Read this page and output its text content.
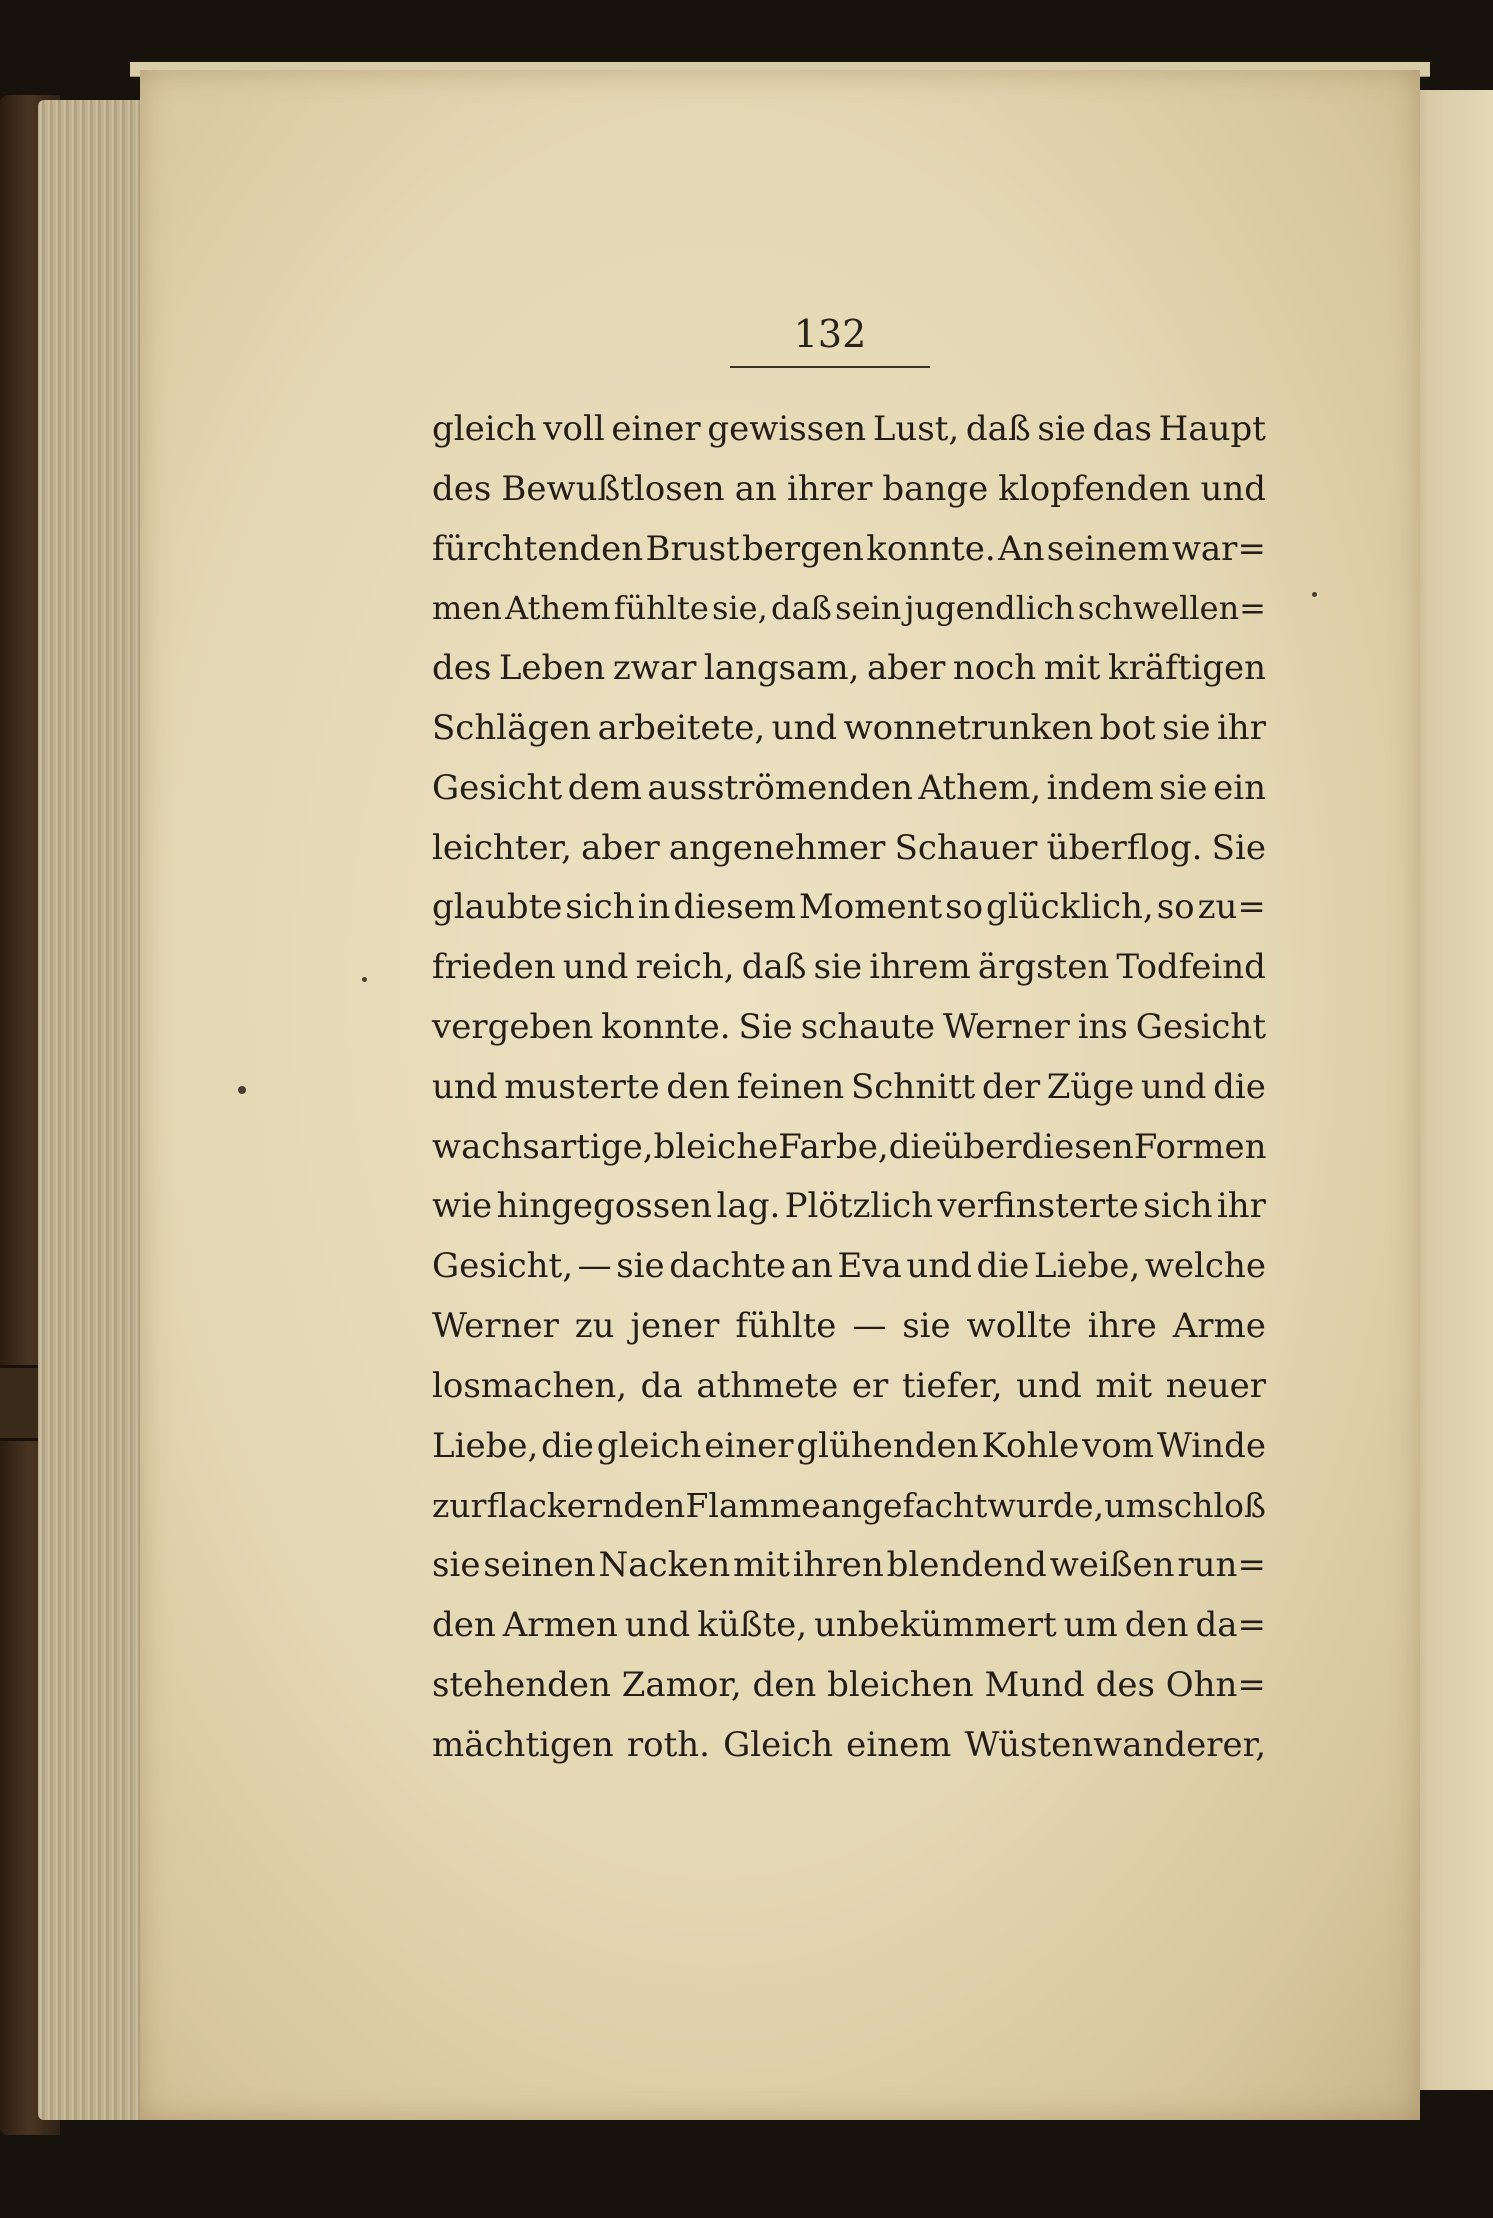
132

gleich voll einer gewissen Lust, daß sie das Haupt
des Bewußtlosen an ihrer bange klopfenden und
fürchtenden Brust bergen konnte. An seinem war=
men Athem fühlte sie, daß sein jugendlich schwellen=
des Leben zwar langsam, aber noch mit kräftigen
Schlägen arbeitete, und wonnetrunken bot sie ihr
Gesicht dem ausströmenden Athem, indem sie ein
leichter, aber angenehmer Schauer überflog. Sie
glaubte sich in diesem Moment so glücklich, so zu=
frieden und reich, daß sie ihrem ärgsten Todfeind
vergeben konnte. Sie schaute Werner ins Gesicht
und musterte den feinen Schnitt der Züge und die
wachsartige, bleiche Farbe, die über diesen Formen
wie hingegossen lag. Plötzlich verfinsterte sich ihr
Gesicht, — sie dachte an Eva und die Liebe, welche
Werner zu jener fühlte — sie wollte ihre Arme
losmachen, da athmete er tiefer, und mit neuer
Liebe, die gleich einer glühenden Kohle vom Winde
zur flackernden Flamme angefacht wurde, umschloß
sie seinen Nacken mit ihren blendend weißen run=
den Armen und küßte, unbekümmert um den da=
stehenden Zamor, den bleichen Mund des Ohn=
mächtigen roth. Gleich einem Wüstenwanderer,
